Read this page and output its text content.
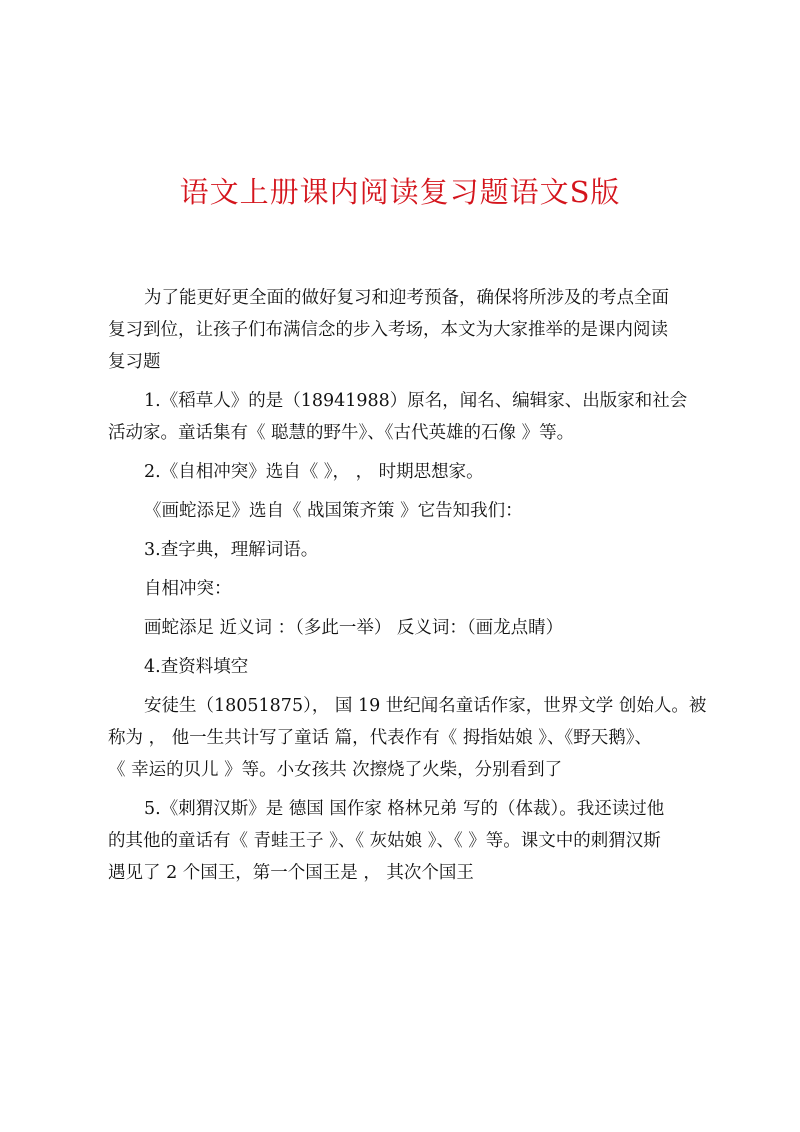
语文上册课内阅读复习题语文S版

为了能更好更全面的做好复习和迎考预备，确保将所涉及的考点全面
复习到位，让孩子们布满信念的步入考场，本文为大家推举的是课内阅读
复习题

1.《稻草人》的是（18941988）原名，闻名、编辑家、出版家和社会
活动家。童话集有《 聪慧的野牛》、《古代英雄的石像 》等。

2.《自相冲突》选自《 》， ， 时期思想家。

《画蛇添足》选自《 战国策齐策 》它告知我们：

3.查字典，理解词语。

自相冲突：

画蛇添足 近义词 ：（多此一举） 反义词：（画龙点睛）

4.查资料填空

安徒生（18051875）， 国 19 世纪闻名童话作家，世界文学 创始人。被
称为 ， 他一生共计写了童话 篇，代表作有《 拇指姑娘 》、《野天鹅》、
《 幸运的贝儿 》等。小女孩共 次擦烧了火柴，分别看到了

5.《刺猬汉斯》是 德国 国作家 格林兄弟 写的（体裁）。我还读过他
的其他的童话有《 青蛙王子 》、《 灰姑娘 》、《 》等。课文中的刺猬汉斯
遇见了 2 个国王，第一个国王是 ， 其次个国王
